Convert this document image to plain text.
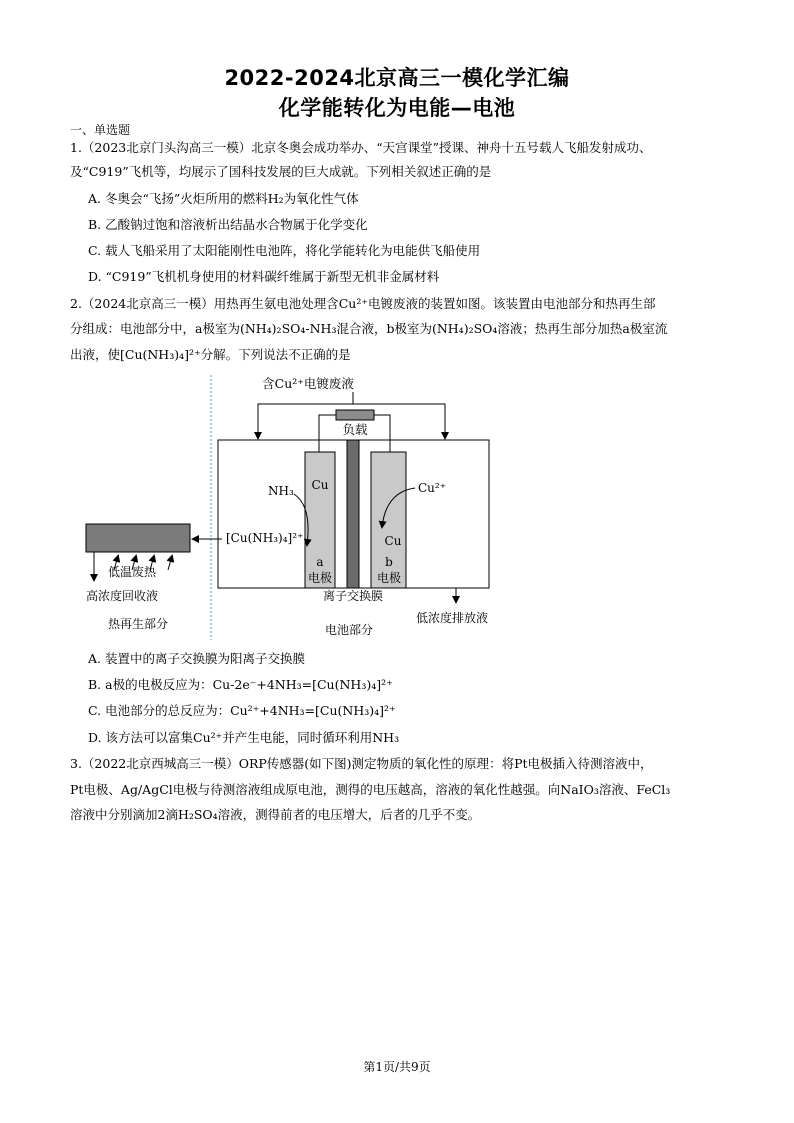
2022-2024北京高三一模化学汇编
化学能转化为电能—电池
一、单选题
1.（2023北京门头沟高三一模）北京冬奥会成功举办、“天宫课堂”授课、神舟十五号载人飞船发射成功、
及“C919”飞机等，均展示了国科技发展的巨大成就。下列相关叙述正确的是
A. 冬奥会“飞扬”火炬所用的燃料H₂为氧化性气体
B. 乙酸钠过饱和溶液析出结晶水合物属于化学变化
C. 载人飞船采用了太阳能刚性电池阵，将化学能转化为电能供飞船使用
D. “C919”飞机机身使用的材料碳纤维属于新型无机非金属材料
2.（2024北京高三一模）用热再生氨电池处理含Cu²⁺电镀废液的装置如图。该装置由电池部分和热再生部
分组成：电池部分中，a极室为(NH₄)₂SO₄-NH₃混合液，b极室为(NH₄)₂SO₄溶液；热再生部分加热a极室流
出液，使[Cu(NH₃)₄]²⁺分解。下列说法不正确的是
含Cu²⁺电镀废液
负载
Cu
Cu
a
电极
b
电极
NH₃	Cu²⁺
[Cu(NH₃)₄]²⁺
低温废热
高浓度回收液	离子交换膜
低浓度排放液
热再生部分	电池部分
A. 装置中的离子交换膜为阳离子交换膜
B. a极的电极反应为：Cu-2e⁻+4NH₃=[Cu(NH₃)₄]²⁺
C. 电池部分的总反应为：Cu²⁺+4NH₃=[Cu(NH₃)₄]²⁺
D. 该方法可以富集Cu²⁺并产生电能，同时循环利用NH₃
3.（2022北京西城高三一模）ORP传感器(如下图)测定物质的氧化性的原理：将Pt电极插入待测溶液中，
Pt电极、Ag/AgCl电极与待测溶液组成原电池，测得的电压越高，溶液的氧化性越强。向NaIO₃溶液、FeCl₃
溶液中分别滴加2滴H₂SO₄溶液，测得前者的电压增大，后者的几乎不变。
第1页/共9页
